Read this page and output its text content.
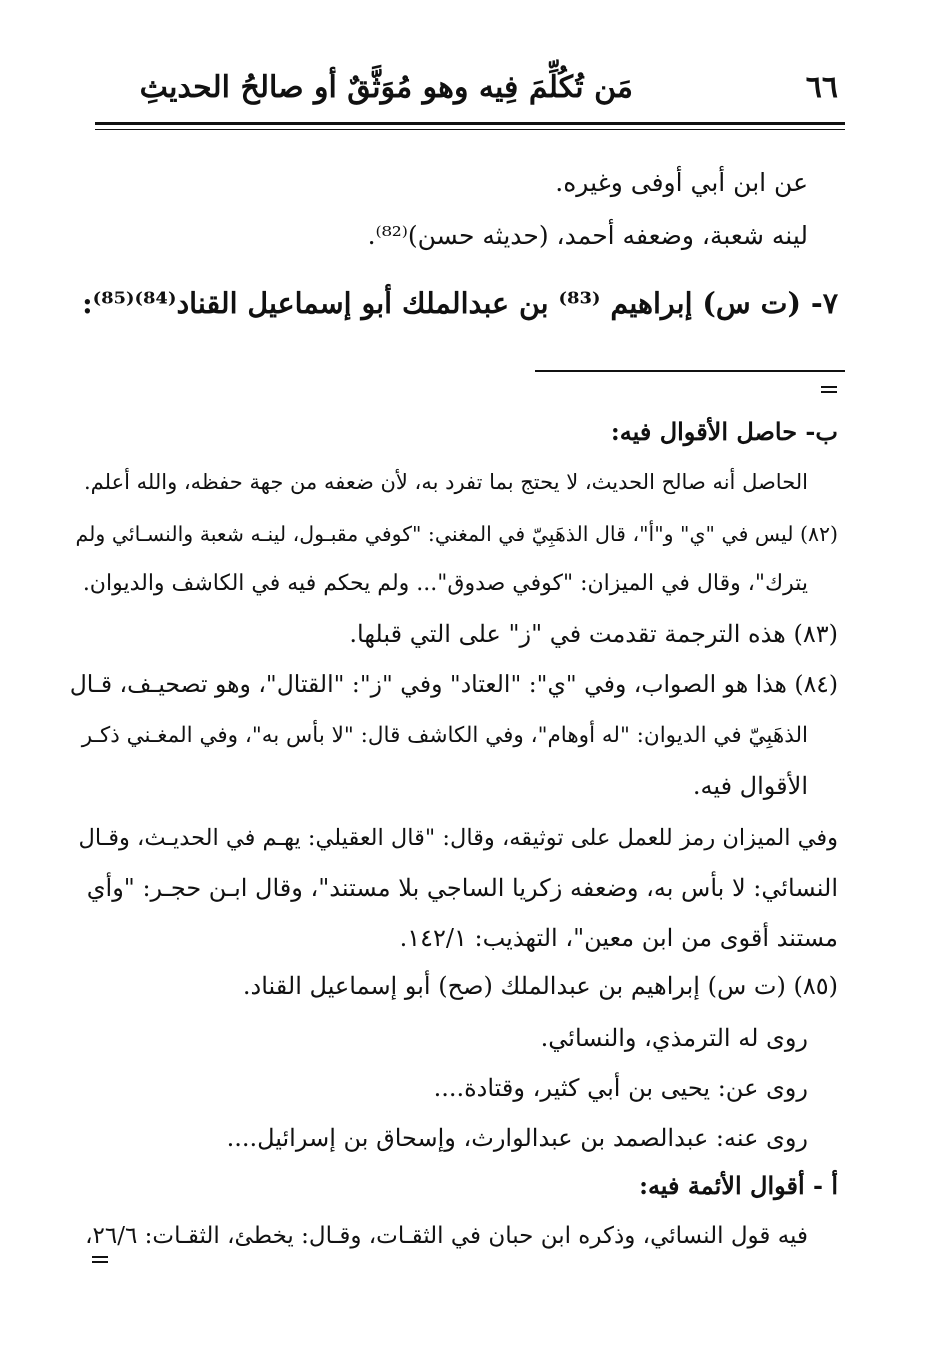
مَن تُكُلِّمَ فِيه وهو مُوَثَّقٌ أو صالحُ الحديثِ	٦٦
عن ابن أبي أوفى وغيره.
لينه شعبة، وضعفه أحمد، (حديثه حسن)⁽⁸²⁾.
٧- (ت س) إبراهيم ⁽⁸³⁾ بن عبدالملك أبو إسماعيل القناد⁽⁸⁴⁾⁽⁸⁵⁾:
ب- حاصل الأقوال فيه:
الحاصل أنه صالح الحديث، لا يحتج بما تفرد به، لأن ضعفه من جهة حفظه، والله أعلم.
(٨٢) ليس في "ي" و"أ"، قال الذهَبِيّ في المغني: "كوفي مقبـول، لينـه شعبة والنسـائي ولم
يترك"، وقال في الميزان: "كوفي صدوق"... ولم يحكم فيه في الكاشف والديوان.
(٨٣) هذه الترجمة تقدمت في "ز" على التي قبلها.
(٨٤) هذا هو الصواب، وفي "ي": "العتاد" وفي "ز": "القتال"، وهو تصحيـف، قـال
الذهَبِيّ في الديوان: "له أوهام"، وفي الكاشف قال: "لا بأس به"، وفي المغـني ذكـر
الأقوال فيه.
وفي الميزان رمز للعمل على توثيقه، وقال: "قال العقيلي: يهـم في الحديـث، وقـال
النسائي: لا بأس به، وضعفه زكريا الساجي بلا مستند"، وقال ابـن حجـر: "وأي
مستند أقوى من ابن معين"، التهذيب: ١٤٢/١.
(٨٥) (ت س) إبراهيم بن عبدالملك (صح) أبو إسماعيل القناد.
روى له الترمذي، والنسائي.
روى عن: يحيى بن أبي كثير، وقتادة....
روى عنه: عبدالصمد بن عبدالوارث، وإسحاق بن إسرائيل....
أ - أقوال الأئمة فيه:
فيه قول النسائي، وذكره ابن حبان في الثقـات، وقـال: يخطئ، الثقـات: ٢٦/٦،
